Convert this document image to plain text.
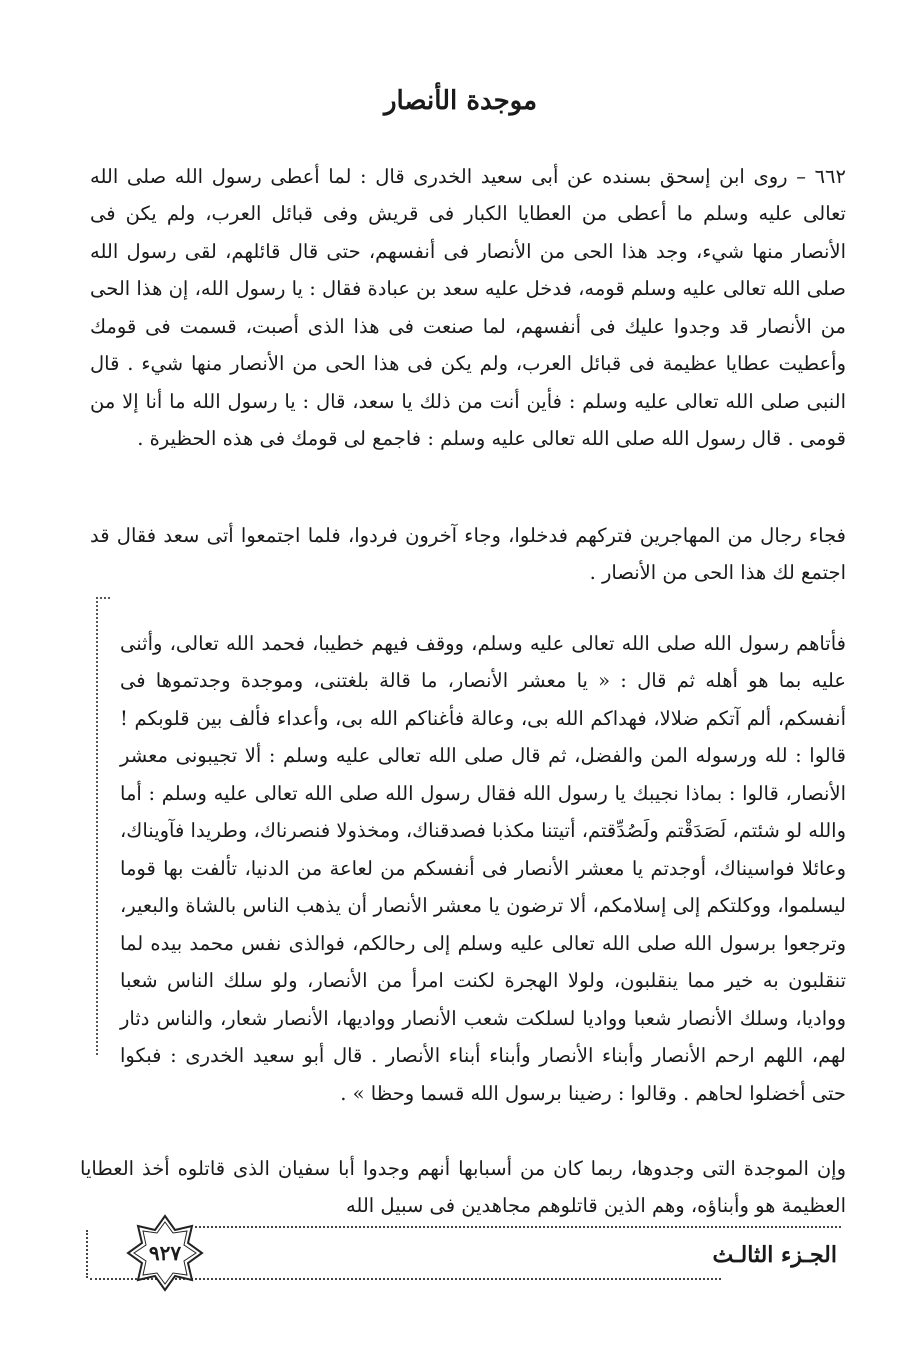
موجدة الأنصار

٦٦٢ – روى ابن إسحق بسنده عن أبى سعيد الخدرى قال : لما أعطى رسول الله صلى الله تعالى عليه وسلم ما أعطى من العطايا الكبار فى قريش وفى قبائل العرب، ولم يكن فى الأنصار منها شيء، وجد هذا الحى من الأنصار فى أنفسهم، حتى قال قائلهم، لقى رسول الله صلى الله تعالى عليه وسلم قومه، فدخل عليه سعد بن عبادة فقال : يا رسول الله، إن هذا الحى من الأنصار قد وجدوا عليك فى أنفسهم، لما صنعت فى هذا الذى أصبت، قسمت فى قومك وأعطيت عطايا عظيمة فى قبائل العرب، ولم يكن فى هذا الحى من الأنصار منها شيء . قال النبى صلى الله تعالى عليه وسلم : فأين أنت من ذلك يا سعد، قال : يا رسول الله ما أنا إلا من قومى . قال رسول الله صلى الله تعالى عليه وسلم : فاجمع لى قومك فى هذه الحظيرة .

فجاء رجال من المهاجرين فتركهم فدخلوا، وجاء آخرون فردوا، فلما اجتمعوا أتى سعد فقال قد اجتمع لك هذا الحى من الأنصار .

فأتاهم رسول الله صلى الله تعالى عليه وسلم، ووقف فيهم خطيبا، فحمد الله تعالى، وأثنى عليه بما هو أهله ثم قال : « يا معشر الأنصار، ما قالة بلغتنى، وموجدة وجدتموها فى أنفسكم، ألم آتكم ضلالا، فهداكم الله بى، وعالة فأغناكم الله بى، وأعداء فألف بين قلوبكم ! قالوا : لله ورسوله المن والفضل، ثم قال صلى الله تعالى عليه وسلم : ألا تجيبونى معشر الأنصار، قالوا : بماذا نجيبك يا رسول الله فقال رسول الله صلى الله تعالى عليه وسلم : أما والله لو شئتم، لَصَدَقْتم ولَصُدِّقتم، أتيتنا مكذبا فصدقناك، ومخذولا فنصرناك، وطريدا فآويناك، وعائلا فواسيناك، أوجدتم يا معشر الأنصار فى أنفسكم من لعاعة من الدنيا، تألفت بها قوما ليسلموا، ووكلتكم إلى إسلامكم، ألا ترضون يا معشر الأنصار أن يذهب الناس بالشاة والبعير، وترجعوا برسول الله صلى الله تعالى عليه وسلم إلى رحالكم، فوالذى نفس محمد بيده لما تنقلبون به خير مما ينقلبون، ولولا الهجرة لكنت امرأ من الأنصار، ولو سلك الناس شعبا وواديا، وسلك الأنصار شعبا وواديا لسلكت شعب الأنصار وواديها، الأنصار شعار، والناس دثار لهم، اللهم ارحم الأنصار وأبناء الأنصار وأبناء أبناء الأنصار . قال أبو سعيد الخدرى : فبكوا حتى أخضلوا لحاهم . وقالوا : رضينا برسول الله قسما وحظا » .

وإن الموجدة التى وجدوها، ربما كان من أسبابها أنهم وجدوا أبا سفيان الذى قاتلوه أخذ العطايا العظيمة هو وأبناؤه، وهم الذين قاتلوهم مجاهدين فى سبيل الله

٩٢٧	الجـزء الثالـث
